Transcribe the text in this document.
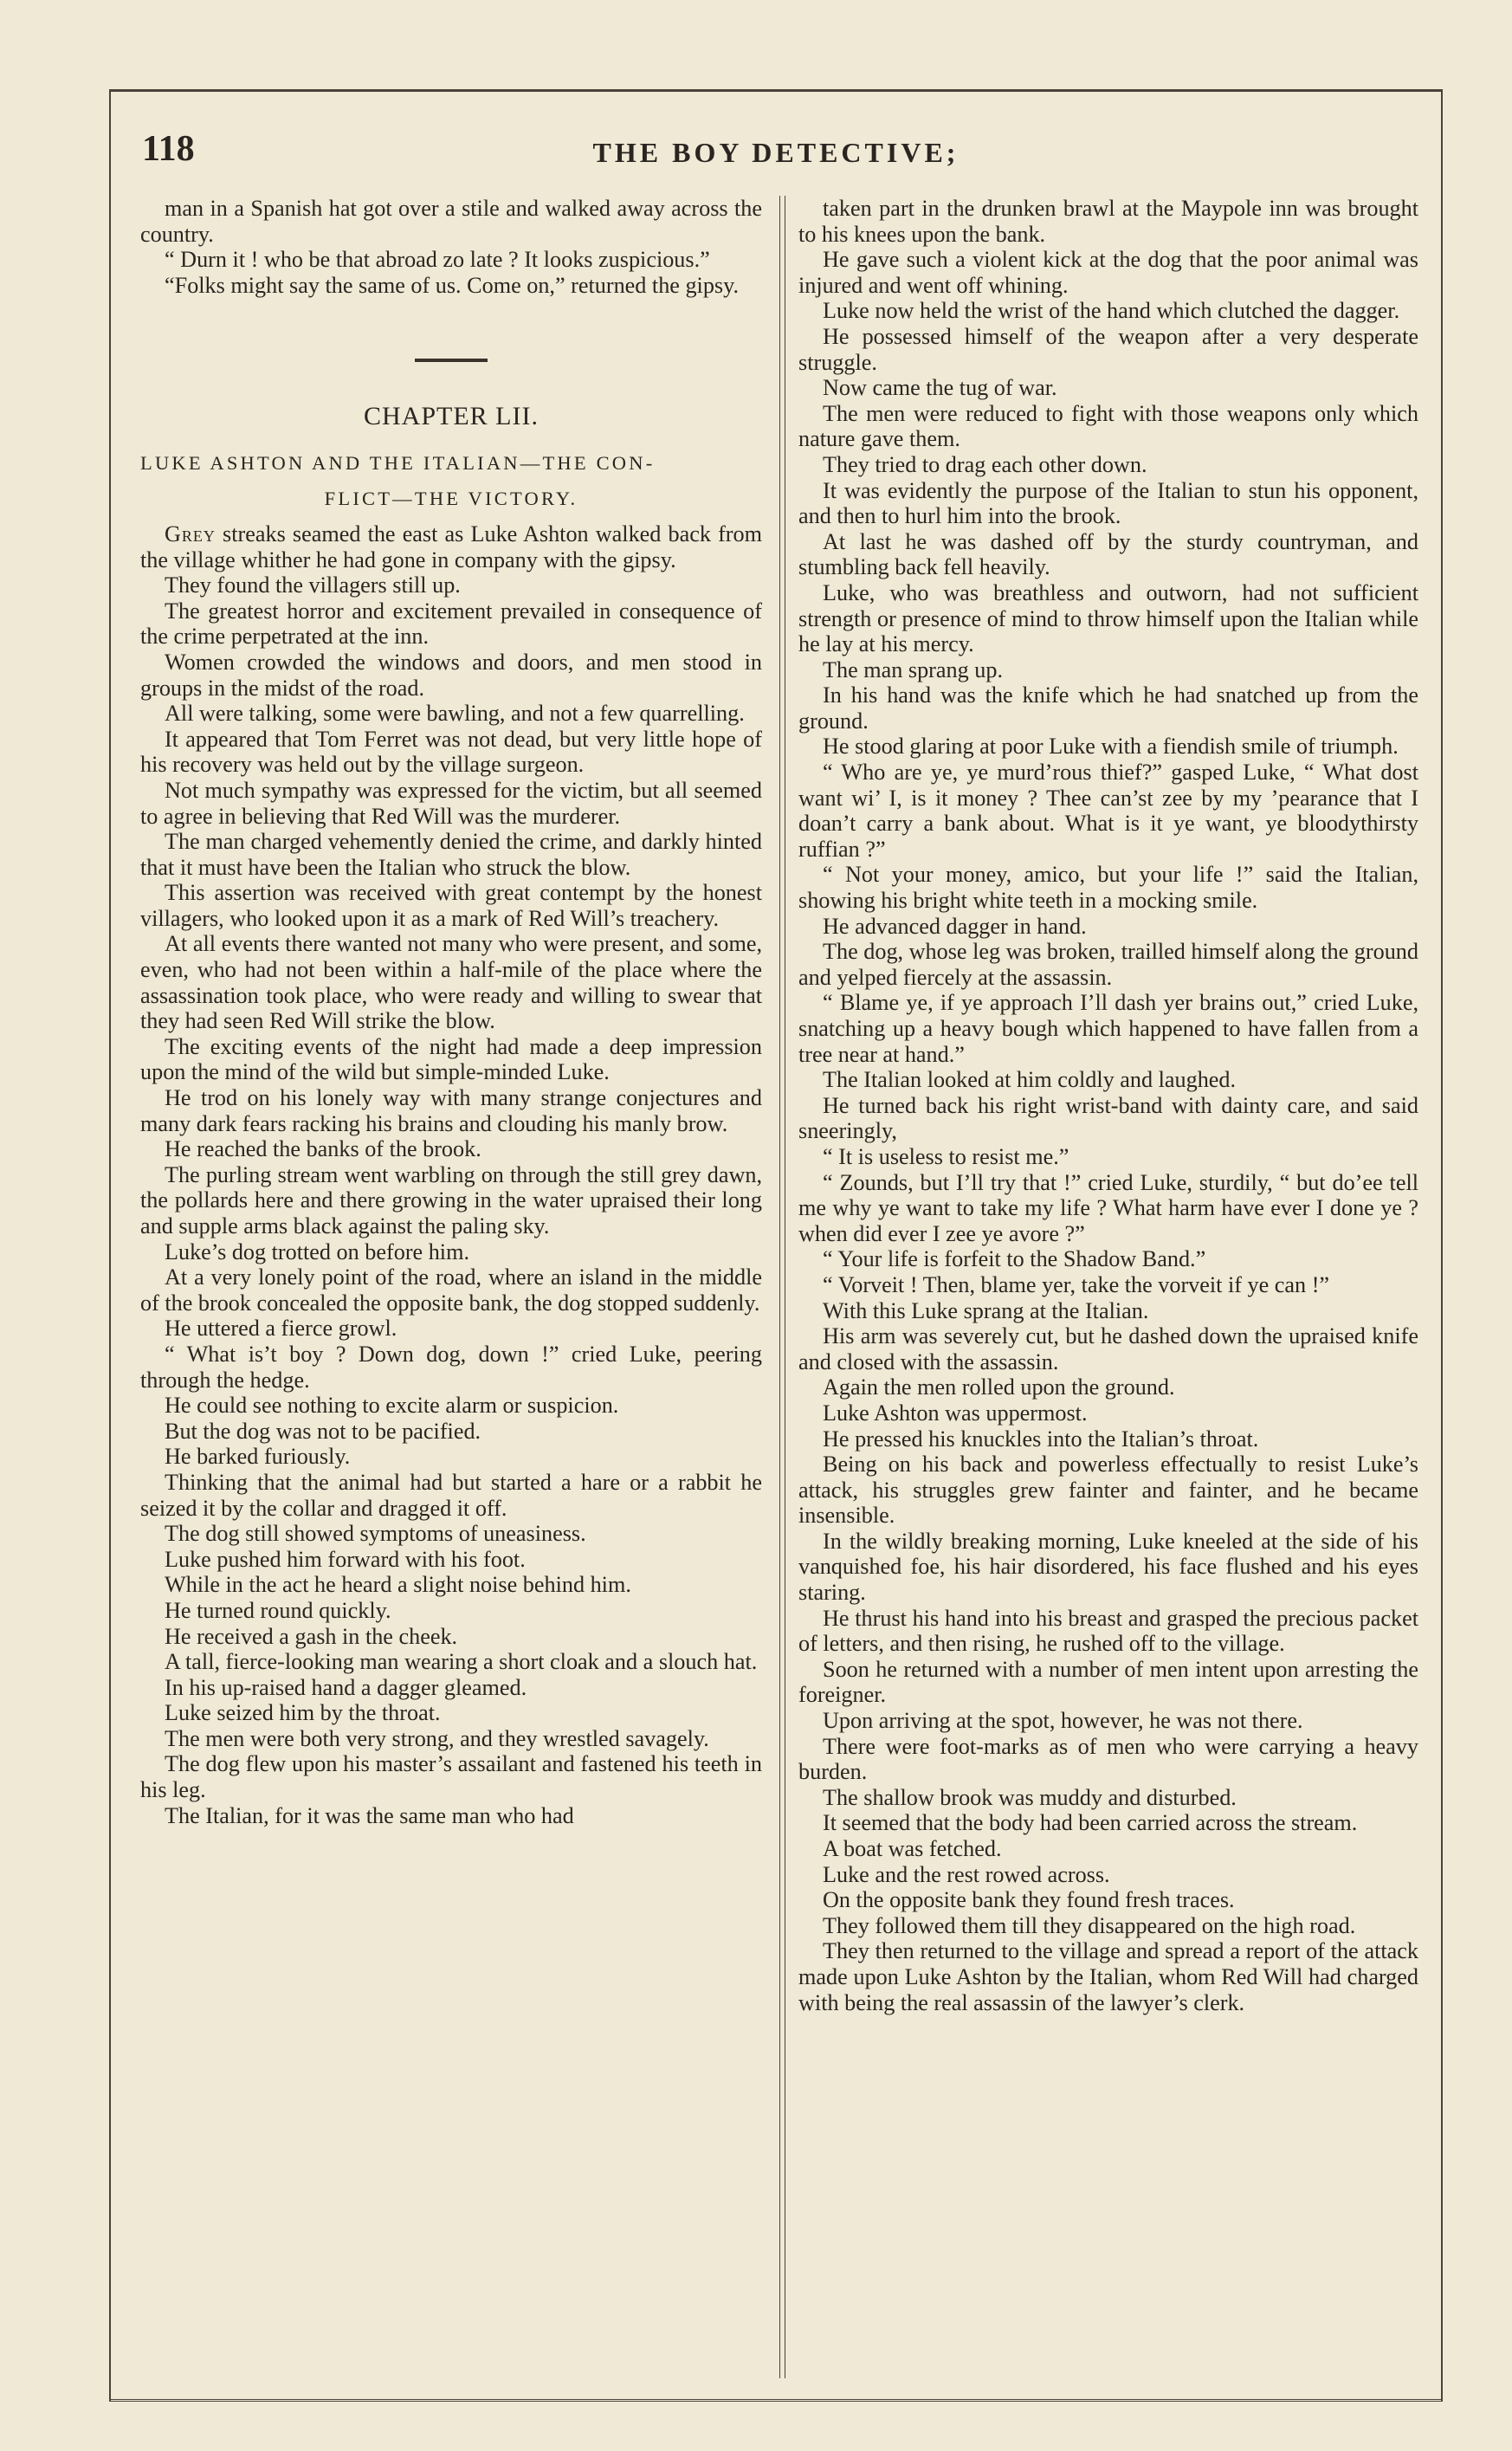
118	THE BOY DETECTIVE;

man in a Spanish hat got over a stile and walked away across the country.

“ Durn it ! who be that abroad zo late ? It looks zuspicious.”

“Folks might say the same of us. Come on,” returned the gipsy.

CHAPTER LII.

LUKE ASHTON AND THE ITALIAN—THE CON-

FLICT—THE VICTORY.

Grey streaks seamed the east as Luke Ashton walked back from the village whither he had gone in company with the gipsy.

They found the villagers still up.

The greatest horror and excitement prevailed in consequence of the crime perpetrated at the inn.

Women crowded the windows and doors, and men stood in groups in the midst of the road.

All were talking, some were bawling, and not a few quarrelling.

It appeared that Tom Ferret was not dead, but very little hope of his recovery was held out by the village surgeon.

Not much sympathy was expressed for the victim, but all seemed to agree in believing that Red Will was the murderer.

The man charged vehemently denied the crime, and darkly hinted that it must have been the Italian who struck the blow.

This assertion was received with great contempt by the honest villagers, who looked upon it as a mark of Red Will’s treachery.

At all events there wanted not many who were present, and some, even, who had not been within a half-mile of the place where the assassination took place, who were ready and willing to swear that they had seen Red Will strike the blow.

The exciting events of the night had made a deep impression upon the mind of the wild but simple-minded Luke.

He trod on his lonely way with many strange conjectures and many dark fears racking his brains and clouding his manly brow.

He reached the banks of the brook.

The purling stream went warbling on through the still grey dawn, the pollards here and there growing in the water upraised their long and supple arms black against the paling sky.

Luke’s dog trotted on before him.

At a very lonely point of the road, where an island in the middle of the brook concealed the opposite bank, the dog stopped suddenly.

He uttered a fierce growl.

“ What is’t boy ? Down dog, down !” cried Luke, peering through the hedge.

He could see nothing to excite alarm or suspicion.

But the dog was not to be pacified.

He barked furiously.

Thinking that the animal had but started a hare or a rabbit he seized it by the collar and dragged it off.

The dog still showed symptoms of uneasiness.

Luke pushed him forward with his foot.

While in the act he heard a slight noise behind him.

He turned round quickly.

He received a gash in the cheek.

A tall, fierce-looking man wearing a short cloak and a slouch hat.

In his up-raised hand a dagger gleamed.

Luke seized him by the throat.

The men were both very strong, and they wrestled savagely.

The dog flew upon his master’s assailant and fastened his teeth in his leg.

The Italian, for it was the same man who had

taken part in the drunken brawl at the Maypole inn was brought to his knees upon the bank.

He gave such a violent kick at the dog that the poor animal was injured and went off whining.

Luke now held the wrist of the hand which clutched the dagger.

He possessed himself of the weapon after a very desperate struggle.

Now came the tug of war.

The men were reduced to fight with those weapons only which nature gave them.

They tried to drag each other down.

It was evidently the purpose of the Italian to stun his opponent, and then to hurl him into the brook.

At last he was dashed off by the sturdy countryman, and stumbling back fell heavily.

Luke, who was breathless and outworn, had not sufficient strength or presence of mind to throw himself upon the Italian while he lay at his mercy.

The man sprang up.

In his hand was the knife which he had snatched up from the ground.

He stood glaring at poor Luke with a fiendish smile of triumph.

“ Who are ye, ye murd’rous thief?” gasped Luke, “ What dost want wi’ I, is it money ? Thee can’st zee by my ’pearance that I doan’t carry a bank about. What is it ye want, ye bloodythirsty ruffian ?”

“ Not your money, amico, but your life !” said the Italian, showing his bright white teeth in a mocking smile.

He advanced dagger in hand.

The dog, whose leg was broken, trailled himself along the ground and yelped fiercely at the assassin.

“ Blame ye, if ye approach I’ll dash yer brains out,” cried Luke, snatching up a heavy bough which happened to have fallen from a tree near at hand.”

The Italian looked at him coldly and laughed.

He turned back his right wrist-band with dainty care, and said sneeringly,

“ It is useless to resist me.”

“ Zounds, but I’ll try that !” cried Luke, sturdily, “ but do’ee tell me why ye want to take my life ? What harm have ever I done ye ? when did ever I zee ye avore ?”

“ Your life is forfeit to the Shadow Band.”

“ Vorveit ! Then, blame yer, take the vorveit if ye can !”

With this Luke sprang at the Italian.

His arm was severely cut, but he dashed down the upraised knife and closed with the assassin.

Again the men rolled upon the ground.

Luke Ashton was uppermost.

He pressed his knuckles into the Italian’s throat.

Being on his back and powerless effectually to resist Luke’s attack, his struggles grew fainter and fainter, and he became insensible.

In the wildly breaking morning, Luke kneeled at the side of his vanquished foe, his hair disordered, his face flushed and his eyes staring.

He thrust his hand into his breast and grasped the precious packet of letters, and then rising, he rushed off to the village.

Soon he returned with a number of men intent upon arresting the foreigner.

Upon arriving at the spot, however, he was not there.

There were foot-marks as of men who were carrying a heavy burden.

The shallow brook was muddy and disturbed.

It seemed that the body had been carried across the stream.

A boat was fetched.

Luke and the rest rowed across.

On the opposite bank they found fresh traces.

They followed them till they disappeared on the high road.

They then returned to the village and spread a report of the attack made upon Luke Ashton by the Italian, whom Red Will had charged with being the real assassin of the lawyer’s clerk.
